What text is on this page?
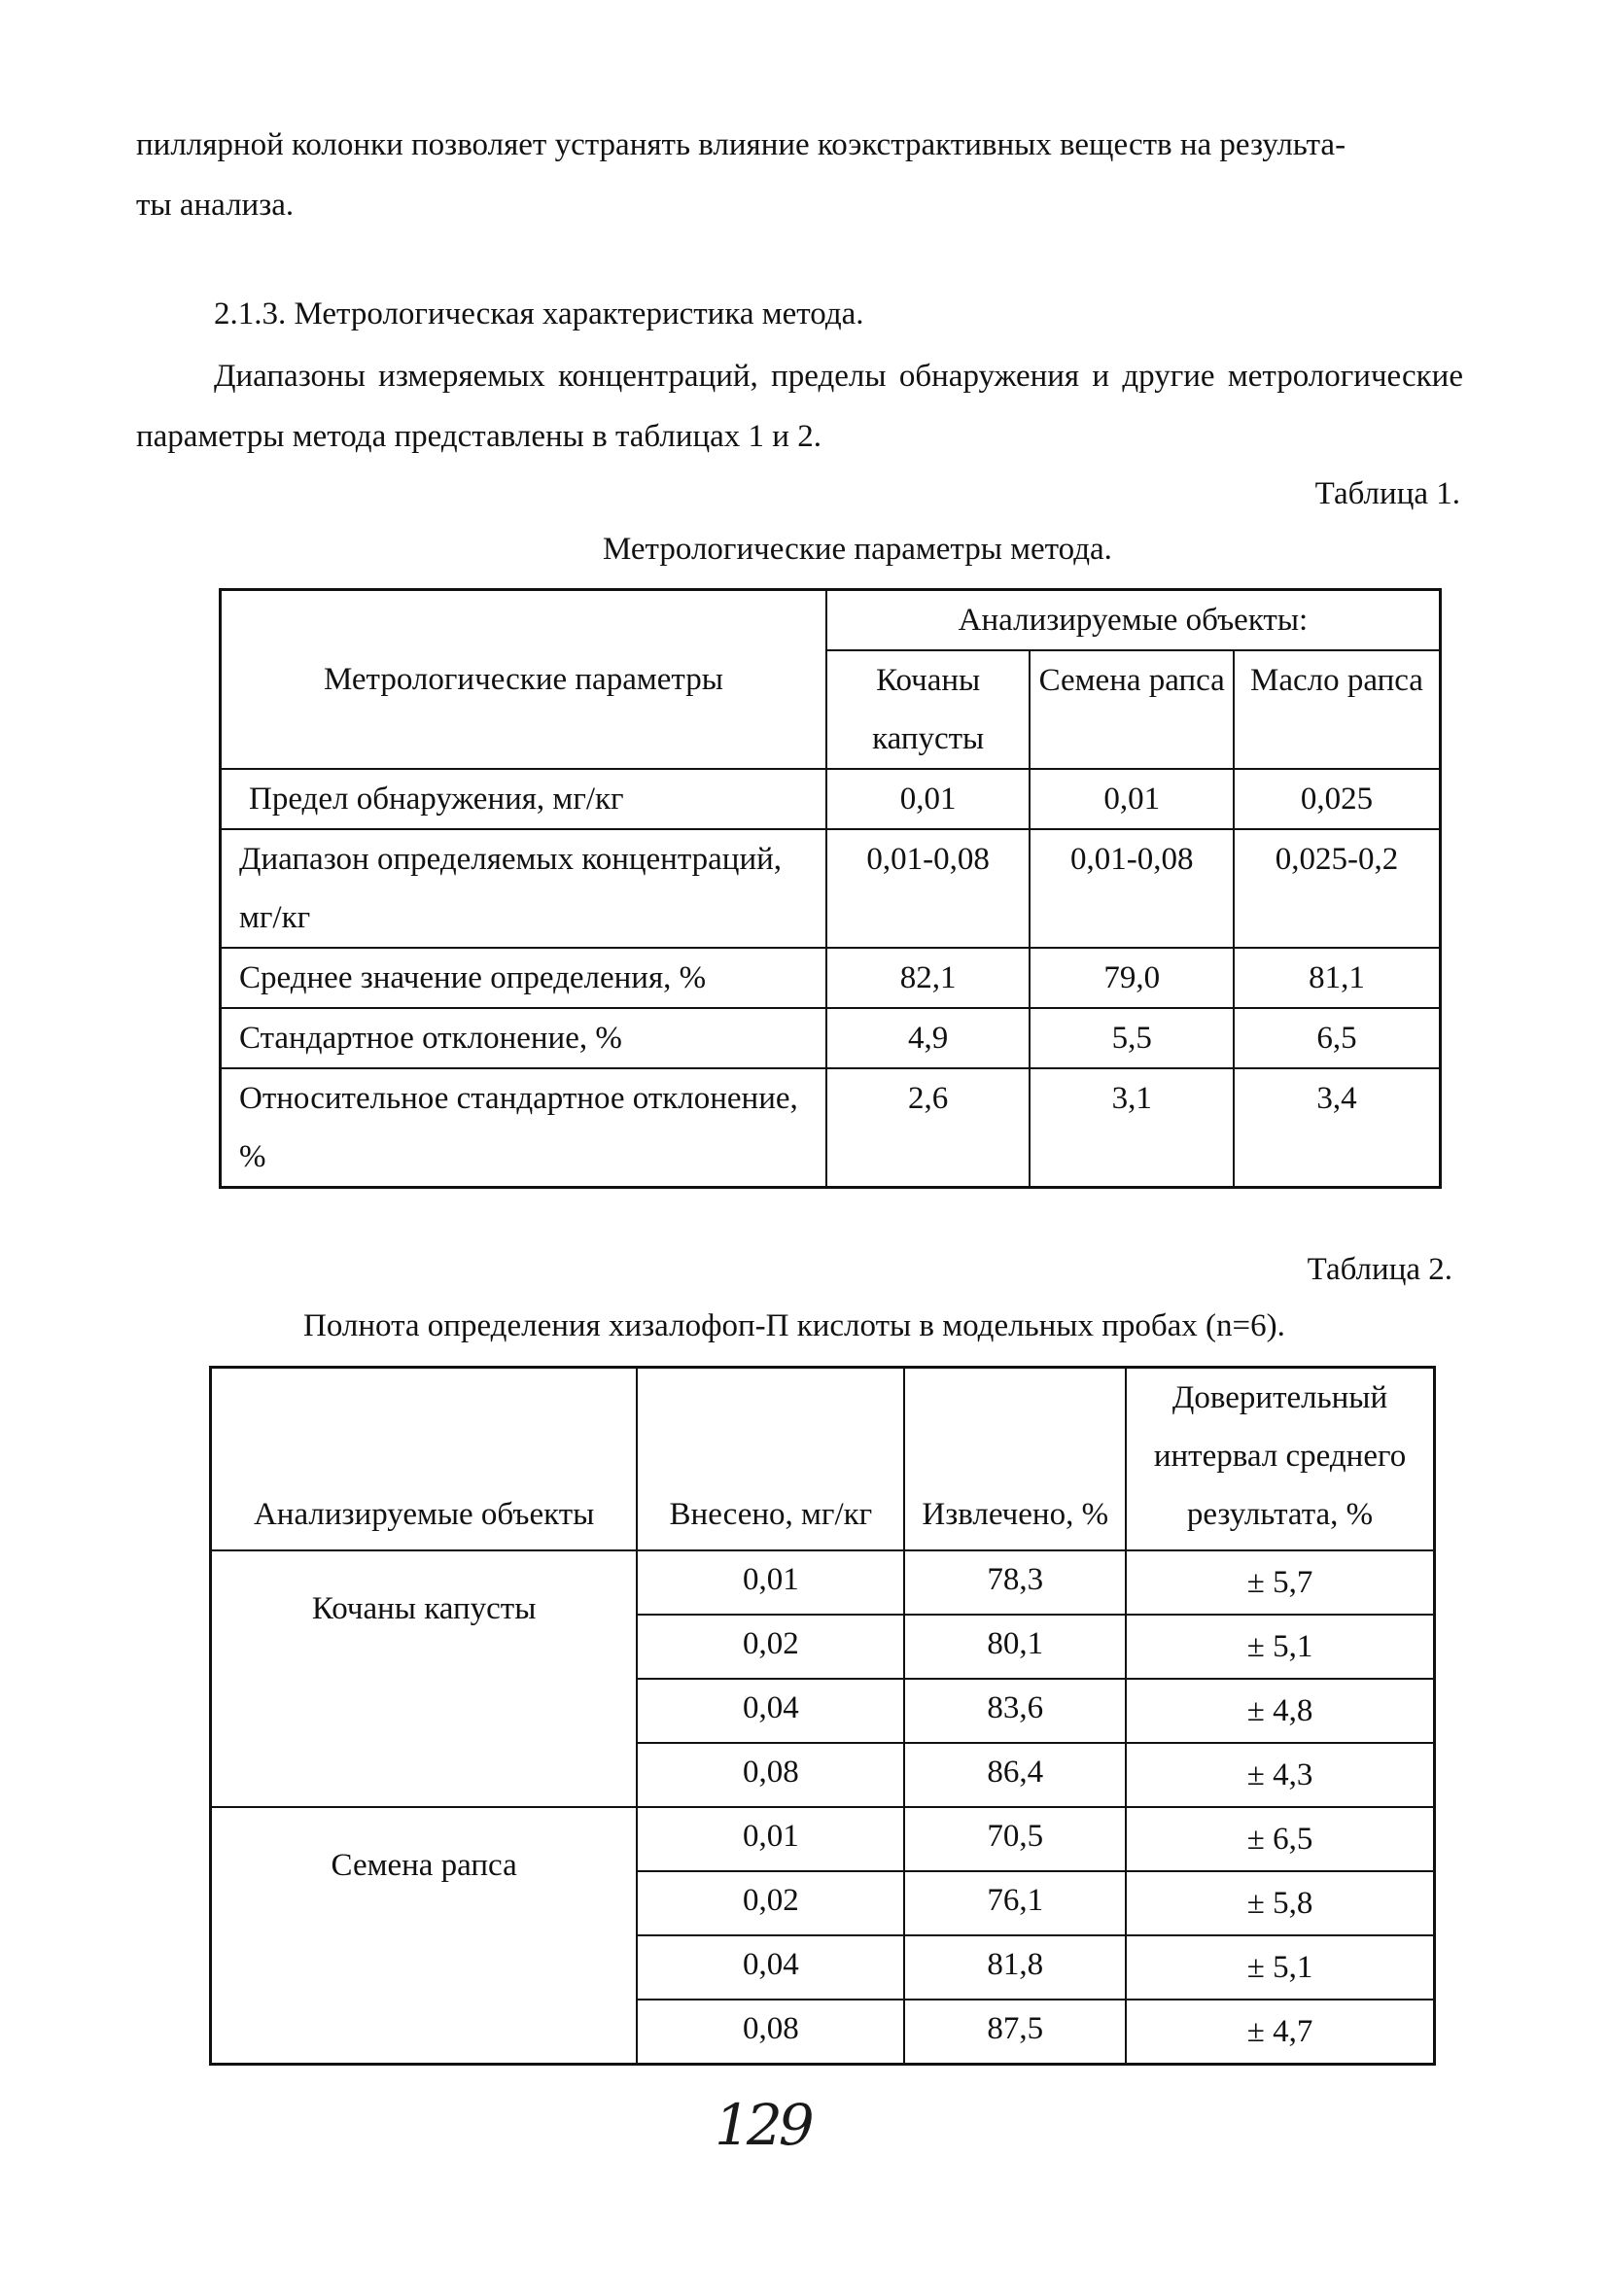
пиллярной колонки позволяет устранять влияние коэкстрактивных веществ на результа-

ты анализа.

2.1.3. Метрологическая характеристика метода.

Диапазоны измеряемых концентраций, пределы обнаружения и другие метрологические параметры метода представлены в таблицах 1 и 2.

Таблица 1.
Метрологические параметры метода.
Метрологические параметры	Анализируемые объекты:		
	Кочаны капусты	Семена рапса	Масло рапса
Предел обнаружения, мг/кг	0,01	0,01	0,025
Диапазон определяемых концентраций, мг/кг	0,01-0,08	0,01-0,08	0,025-0,2
Среднее значение определения, %	82,1	79,0	81,1
Стандартное отклонение, %	4,9	5,5	6,5
Относительное стандартное отклонение, %	2,6	3,1	3,4
Таблица 2.
Полнота определения хизалофоп-П кислоты в модельных пробах (n=6).
Анализируемые объекты	Внесено, мг/кг	Извлечено, %	Доверительный интервал среднего результата, %
Кочаны капусты	0,01	78,3	± 5,7
	0,02	80,1	± 5,1
	0,04	83,6	± 4,8
	0,08	86,4	± 4,3
Семена рапса	0,01	70,5	± 6,5
	0,02	76,1	± 5,8
	0,04	81,8	± 5,1
	0,08	87,5	± 4,7
129
